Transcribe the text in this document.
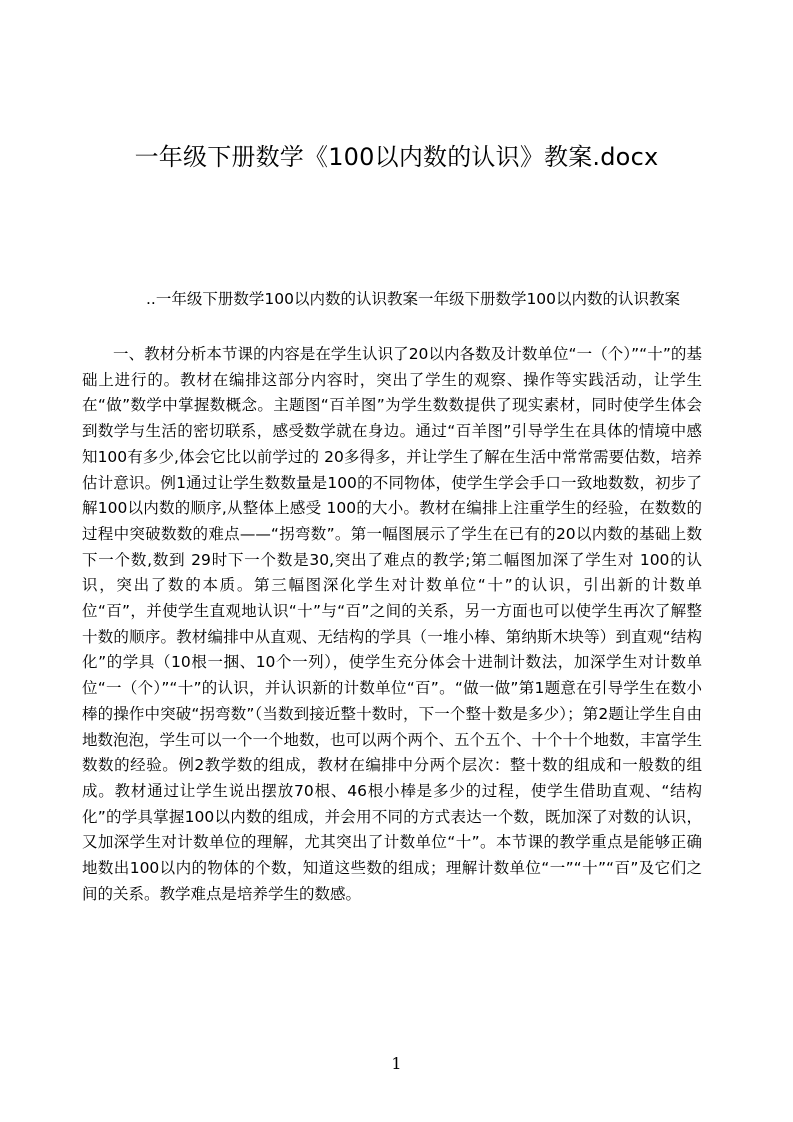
一年级下册数学《100以内数的认识》教案.docx
..一年级下册数学100以内数的认识教案一年级下册数学100以内数的认识教案

一、教材分析本节课的内容是在学生认识了20以内各数及计数单位“一（个）”“十”的基础上进行的。教材在编排这部分内容时，突出了学生的观察、操作等实践活动，让学生在“做”数学中掌握数概念。主题图“百羊图”为学生数数提供了现实素材，同时使学生体会到数学与生活的密切联系，感受数学就在身边。通过“百羊图”引导学生在具体的情境中感知100有多少,体会它比以前学过的 20多得多，并让学生了解在生活中常常需要估数，培养估计意识。例1通过让学生数数量是100的不同物体，使学生学会手口一致地数数，初步了解100以内数的顺序,从整体上感受 100的大小。教材在编排上注重学生的经验，在数数的过程中突破数数的难点——“拐弯数”。第一幅图展示了学生在已有的20以内数的基础上数下一个数,数到 29时下一个数是30,突出了难点的教学;第二幅图加深了学生对 100的认识，突出了数的本质。第三幅图深化学生对计数单位“十”的认识，引出新的计数单位“百”，并使学生直观地认识“十”与“百”之间的关系，另一方面也可以使学生再次了解整十数的顺序。教材编排中从直观、无结构的学具（一堆小棒、第纳斯木块等）到直观“结构化”的学具（10根一捆、10个一列），使学生充分体会十进制计数法，加深学生对计数单位“一（个）”“十”的认识，并认识新的计数单位“百”。“做一做”第1题意在引导学生在数小棒的操作中突破“拐弯数”（当数到接近整十数时，下一个整十数是多少）；第2题让学生自由地数泡泡，学生可以一个一个地数，也可以两个两个、五个五个、十个十个地数，丰富学生数数的经验。例2教学数的组成，教材在编排中分两个层次：整十数的组成和一般数的组成。教材通过让学生说出摆放70根、46根小棒是多少的过程，使学生借助直观、“结构化”的学具掌握100以内数的组成，并会用不同的方式表达一个数，既加深了对数的认识，又加深学生对计数单位的理解，尤其突出了计数单位“十”。本节课的教学重点是能够正确地数出100以内的物体的个数，知道这些数的组成；理解计数单位“一”“十”“百”及它们之间的关系。教学难点是培养学生的数感。

1
